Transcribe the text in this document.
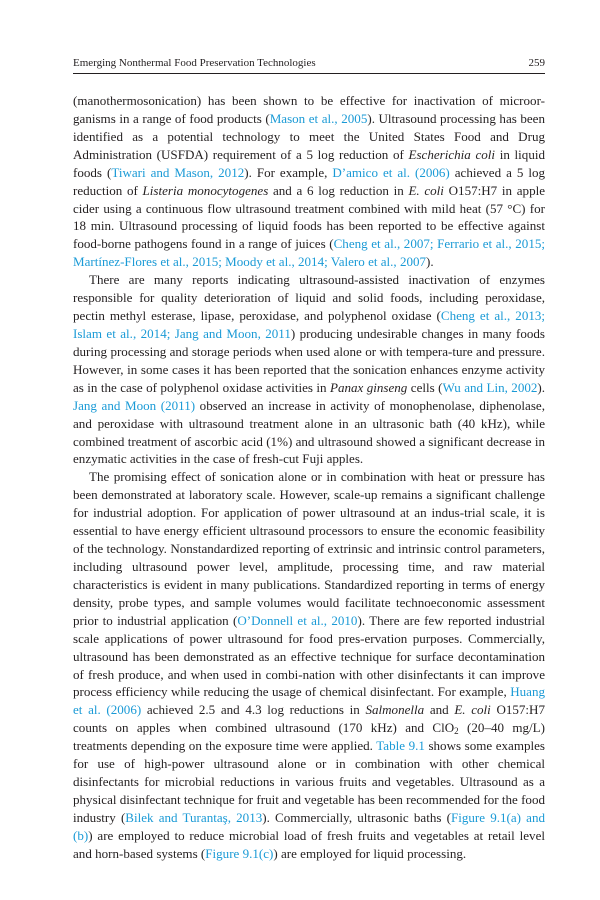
Emerging Nonthermal Food Preservation Technologies	259

(manothermosonication) has been shown to be effective for inactivation of microor-ganisms in a range of food products (Mason et al., 2005). Ultrasound processing has been identified as a potential technology to meet the United States Food and Drug Administration (USFDA) requirement of a 5 log reduction of Escherichia coli in liquid foods (Tiwari and Mason, 2012). For example, D’amico et al. (2006) achieved a 5 log reduction of Listeria monocytogenes and a 6 log reduction in E. coli O157:H7 in apple cider using a continuous flow ultrasound treatment combined with mild heat (57 °C) for 18 min. Ultrasound processing of liquid foods has been reported to be effective against food-borne pathogens found in a range of juices (Cheng et al., 2007; Ferrario et al., 2015; Martínez-Flores et al., 2015; Moody et al., 2014; Valero et al., 2007).

There are many reports indicating ultrasound-assisted inactivation of enzymes responsible for quality deterioration of liquid and solid foods, including peroxidase, pectin methyl esterase, lipase, peroxidase, and polyphenol oxidase (Cheng et al., 2013; Islam et al., 2014; Jang and Moon, 2011) producing undesirable changes in many foods during processing and storage periods when used alone or with tempera-ture and pressure. However, in some cases it has been reported that the sonication enhances enzyme activity as in the case of polyphenol oxidase activities in Panax ginseng cells (Wu and Lin, 2002). Jang and Moon (2011) observed an increase in activity of monophenolase, diphenolase, and peroxidase with ultrasound treatment alone in an ultrasonic bath (40 kHz), while combined treatment of ascorbic acid (1%) and ultrasound showed a significant decrease in enzymatic activities in the case of fresh-cut Fuji apples.

The promising effect of sonication alone or in combination with heat or pressure has been demonstrated at laboratory scale. However, scale-up remains a significant challenge for industrial adoption. For application of power ultrasound at an indus-trial scale, it is essential to have energy efficient ultrasound processors to ensure the economic feasibility of the technology. Nonstandardized reporting of extrinsic and intrinsic control parameters, including ultrasound power level, amplitude, processing time, and raw material characteristics is evident in many publications. Standardized reporting in terms of energy density, probe types, and sample volumes would facilitate technoeconomic assessment prior to industrial application (O’Donnell et al., 2010). There are few reported industrial scale applications of power ultrasound for food pres-ervation purposes. Commercially, ultrasound has been demonstrated as an effective technique for surface decontamination of fresh produce, and when used in combi-nation with other disinfectants it can improve process efficiency while reducing the usage of chemical disinfectant. For example, Huang et al. (2006) achieved 2.5 and 4.3 log reductions in Salmonella and E. coli O157:H7 counts on apples when combined ultrasound (170 kHz) and ClO$_2$ (20–40 mg/L) treatments depending on the exposure time were applied. Table 9.1 shows some examples for use of high-power ultrasound alone or in combination with other chemical disinfectants for microbial reductions in various fruits and vegetables. Ultrasound as a physical disinfectant technique for fruit and vegetable has been recommended for the food industry (Bilek and Turantaş, 2013). Commercially, ultrasonic baths (Figure 9.1(a) and (b)) are employed to reduce microbial load of fresh fruits and vegetables at retail level and horn-based systems (Figure 9.1(c)) are employed for liquid processing.
